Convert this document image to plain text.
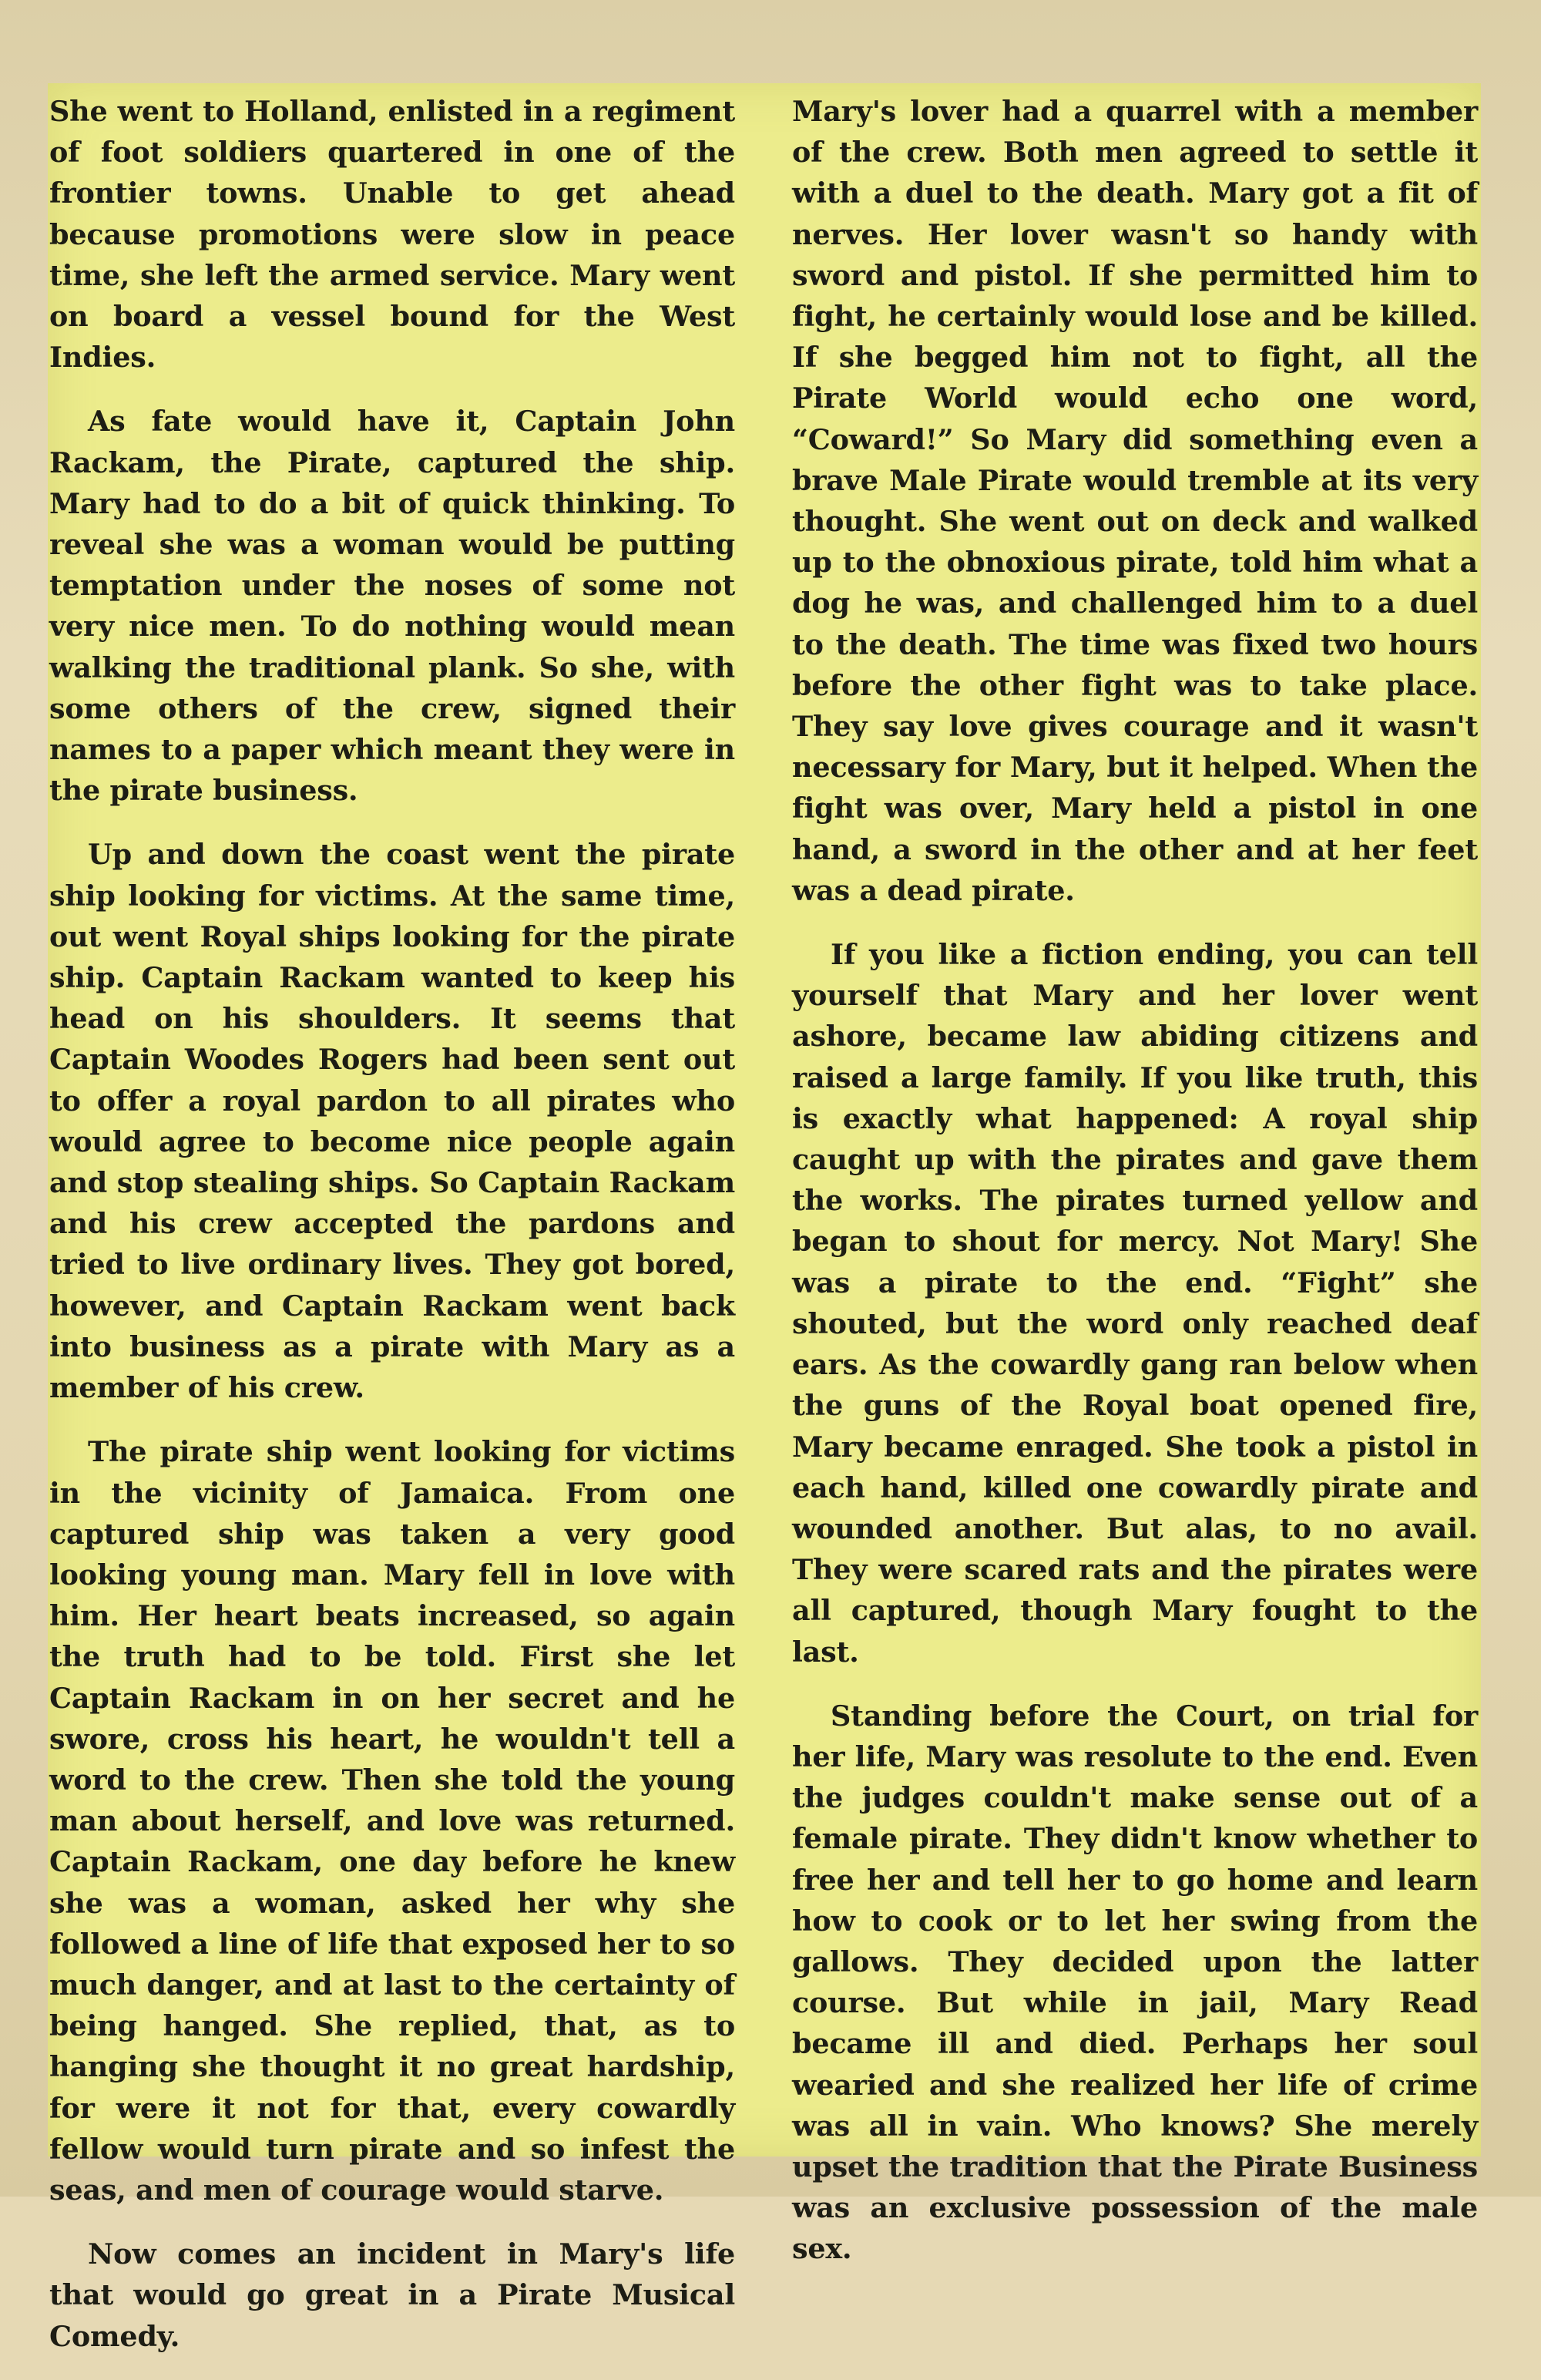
She went to Holland, enlisted in a regiment of foot soldiers quartered in one of the frontier towns. Unable to get ahead because promotions were slow in peace time, she left the armed service. Mary went on board a vessel bound for the West Indies.

As fate would have it, Captain John Rackam, the Pirate, captured the ship. Mary had to do a bit of quick thinking. To reveal she was a woman would be putting temptation under the noses of some not very nice men. To do nothing would mean walking the traditional plank. So she, with some others of the crew, signed their names to a paper which meant they were in the pirate business.

Up and down the coast went the pirate ship looking for victims. At the same time, out went Royal ships looking for the pirate ship. Captain Rackam wanted to keep his head on his shoulders. It seems that Captain Woodes Rogers had been sent out to offer a royal pardon to all pirates who would agree to become nice people again and stop stealing ships. So Captain Rackam and his crew accepted the pardons and tried to live ordinary lives. They got bored, however, and Captain Rackam went back into business as a pirate with Mary as a member of his crew.

The pirate ship went looking for victims in the vicinity of Jamaica. From one captured ship was taken a very good looking young man. Mary fell in love with him. Her heart beats increased, so again the truth had to be told. First she let Captain Rackam in on her secret and he swore, cross his heart, he wouldn't tell a word to the crew. Then she told the young man about herself, and love was returned. Captain Rackam, one day before he knew she was a woman, asked her why she followed a line of life that exposed her to so much danger, and at last to the certainty of being hanged. She replied, that, as to hanging she thought it no great hardship, for were it not for that, every cowardly fellow would turn pirate and so infest the seas, and men of courage would starve.

Now comes an incident in Mary's life that would go great in a Pirate Musical Comedy.

Mary's lover had a quarrel with a member of the crew. Both men agreed to settle it with a duel to the death. Mary got a fit of nerves. Her lover wasn't so handy with sword and pistol. If she permitted him to fight, he certainly would lose and be killed. If she begged him not to fight, all the Pirate World would echo one word, “Coward!” So Mary did something even a brave Male Pirate would tremble at its very thought. She went out on deck and walked up to the obnoxious pirate, told him what a dog he was, and challenged him to a duel to the death. The time was fixed two hours before the other fight was to take place. They say love gives courage and it wasn't necessary for Mary, but it helped. When the fight was over, Mary held a pistol in one hand, a sword in the other and at her feet was a dead pirate.

If you like a fiction ending, you can tell yourself that Mary and her lover went ashore, became law abiding citizens and raised a large family. If you like truth, this is exactly what happened: A royal ship caught up with the pirates and gave them the works. The pirates turned yellow and began to shout for mercy. Not Mary! She was a pirate to the end. “Fight” she shouted, but the word only reached deaf ears. As the cowardly gang ran below when the guns of the Royal boat opened fire, Mary became enraged. She took a pistol in each hand, killed one cowardly pirate and wounded another. But alas, to no avail. They were scared rats and the pirates were all captured, though Mary fought to the last.

Standing before the Court, on trial for her life, Mary was resolute to the end. Even the judges couldn't make sense out of a female pirate. They didn't know whether to free her and tell her to go home and learn how to cook or to let her swing from the gallows. They decided upon the latter course. But while in jail, Mary Read became ill and died. Perhaps her soul wearied and she realized her life of crime was all in vain. Who knows? She merely upset the tradition that the Pirate Business was an exclusive possession of the male sex.
